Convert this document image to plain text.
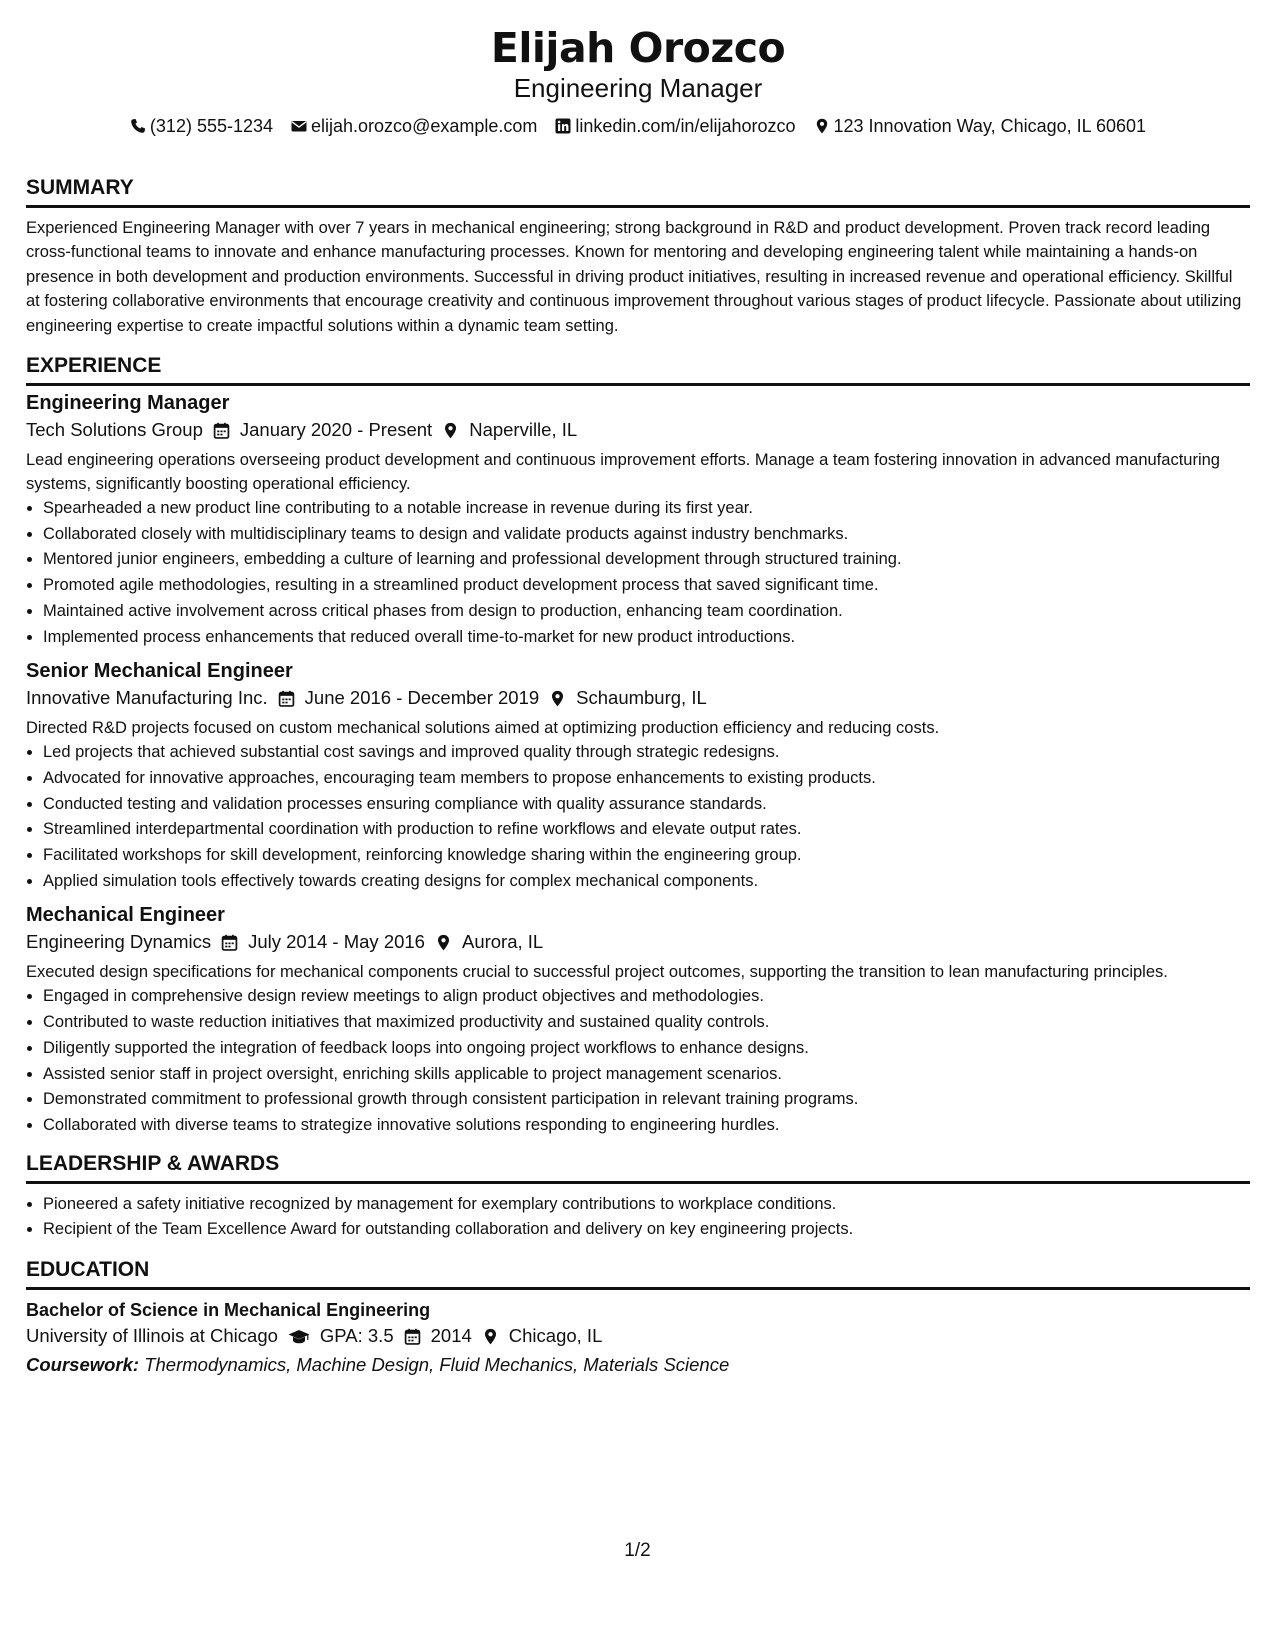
Elijah Orozco
Engineering Manager
(312) 555-1234 elijah.orozco@example.com linkedin.com/in/elijahorozco 123 Innovation Way, Chicago, IL 60601
SUMMARY
Experienced Engineering Manager with over 7 years in mechanical engineering; strong background in R&D and product development. Proven track record leading cross-functional teams to innovate and enhance manufacturing processes. Known for mentoring and developing engineering talent while maintaining a hands-on presence in both development and production environments. Successful in driving product initiatives, resulting in increased revenue and operational efficiency. Skillful at fostering collaborative environments that encourage creativity and continuous improvement throughout various stages of product lifecycle. Passionate about utilizing engineering expertise to create impactful solutions within a dynamic team setting.
EXPERIENCE
Engineering Manager
Tech Solutions Group January 2020 - Present Naperville, IL
Lead engineering operations overseeing product development and continuous improvement efforts. Manage a team fostering innovation in advanced manufacturing systems, significantly boosting operational efficiency.
• Spearheaded a new product line contributing to a notable increase in revenue during its first year.
• Collaborated closely with multidisciplinary teams to design and validate products against industry benchmarks.
• Mentored junior engineers, embedding a culture of learning and professional development through structured training.
• Promoted agile methodologies, resulting in a streamlined product development process that saved significant time.
• Maintained active involvement across critical phases from design to production, enhancing team coordination.
• Implemented process enhancements that reduced overall time-to-market for new product introductions.
Senior Mechanical Engineer
Innovative Manufacturing Inc. June 2016 - December 2019 Schaumburg, IL
Directed R&D projects focused on custom mechanical solutions aimed at optimizing production efficiency and reducing costs.
• Led projects that achieved substantial cost savings and improved quality through strategic redesigns.
• Advocated for innovative approaches, encouraging team members to propose enhancements to existing products.
• Conducted testing and validation processes ensuring compliance with quality assurance standards.
• Streamlined interdepartmental coordination with production to refine workflows and elevate output rates.
• Facilitated workshops for skill development, reinforcing knowledge sharing within the engineering group.
• Applied simulation tools effectively towards creating designs for complex mechanical components.
Mechanical Engineer
Engineering Dynamics July 2014 - May 2016 Aurora, IL
Executed design specifications for mechanical components crucial to successful project outcomes, supporting the transition to lean manufacturing principles.
• Engaged in comprehensive design review meetings to align product objectives and methodologies.
• Contributed to waste reduction initiatives that maximized productivity and sustained quality controls.
• Diligently supported the integration of feedback loops into ongoing project workflows to enhance designs.
• Assisted senior staff in project oversight, enriching skills applicable to project management scenarios.
• Demonstrated commitment to professional growth through consistent participation in relevant training programs.
• Collaborated with diverse teams to strategize innovative solutions responding to engineering hurdles.
LEADERSHIP & AWARDS
• Pioneered a safety initiative recognized by management for exemplary contributions to workplace conditions.
• Recipient of the Team Excellence Award for outstanding collaboration and delivery on key engineering projects.
EDUCATION
Bachelor of Science in Mechanical Engineering
University of Illinois at Chicago GPA: 3.5 2014 Chicago, IL
Coursework: Thermodynamics, Machine Design, Fluid Mechanics, Materials Science
1/2
